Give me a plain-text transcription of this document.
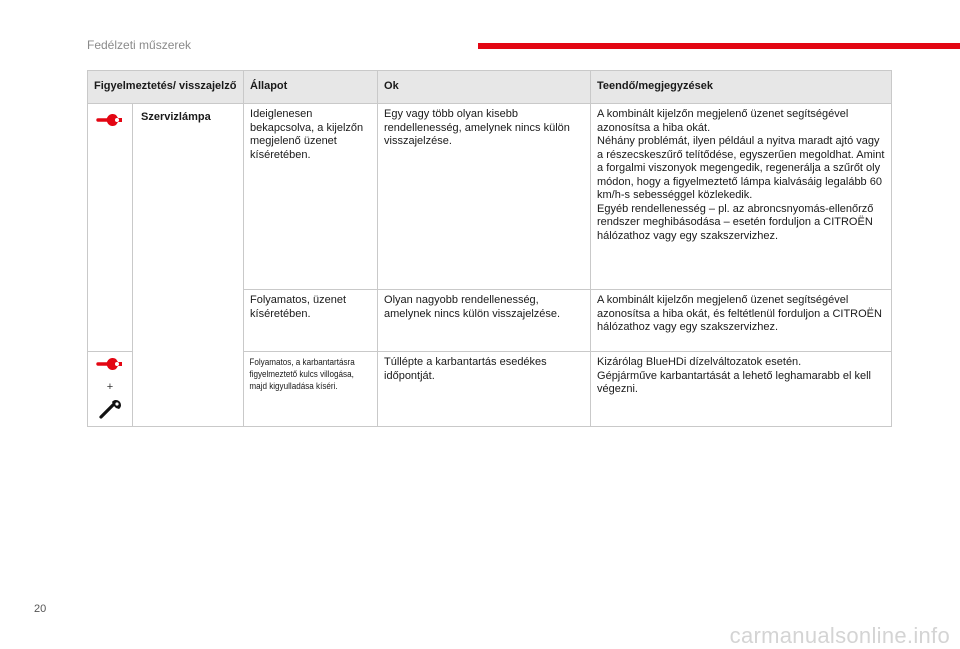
Fedélzeti műszerek
Figyelmeztetés/ visszajelző		Állapot	Ok	Teendő/megjegyzések

	Szervizlámpa	Ideiglenesen bekapcsolva, a kijelzőn megjelenő üzenet kíséretében.	Egy vagy több olyan kisebb rendellenesség, amelynek nincs külön visszajelzése.	A kombinált kijelzőn megjelenő üzenet segítségével azonosítsa a hiba okát.
Néhány problémát, ilyen például a nyitva maradt ajtó vagy a részecskeszűrő telítődése, egyszerűen megoldhat. Amint a forgalmi viszonyok megengedik, regenerálja a szűrőt oly módon, hogy a figyelmeztető lámpa kialvásáig legalább 60 km/h-s sebességgel közlekedik.
Egyéb rendellenesség – pl. az abroncsnyomás-ellenőrző rendszer meghibásodása – esetén forduljon a CITROËN hálózathoz vagy egy szakszervizhez.

		Folyamatos, üzenet kíséretében.	Olyan nagyobb rendellenesség, amelynek nincs külön visszajelzése.	A kombinált kijelzőn megjelenő üzenet segítségével azonosítsa a hiba okát, és feltétlenül forduljon a CITROËN hálózathoz vagy egy szakszervizhez.

+		Folyamatos, a karbantartásra figyelmeztető kulcs villogása, majd kigyulladása kíséri.	Túllépte a karbantartás esedékes időpontját.	Kizárólag BlueHDi dízelváltozatok esetén.
Gépjárműve karbantartását a lehető leghamarabb el kell végezni.
20
carmanualsonline.info
